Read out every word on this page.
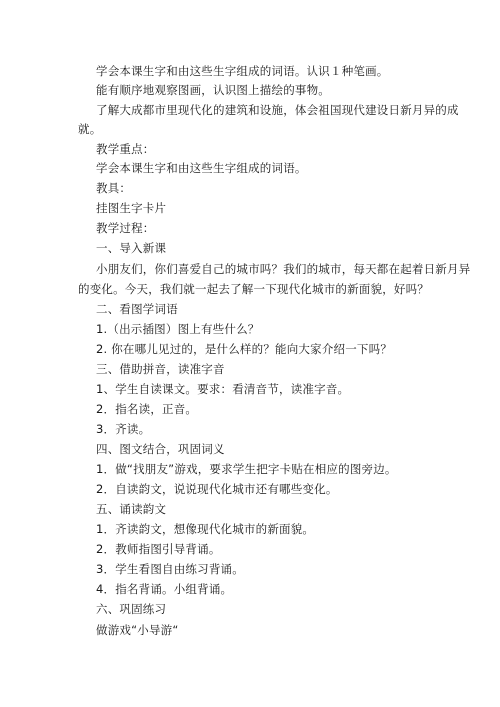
学会本课生字和由这些生字组成的词语。认识１种笔画。
能有顺序地观察图画，认识图上描绘的事物。
了解大成都市里现代化的建筑和设施，体会祖国现代建设日新月异的成
就。
教学重点：
学会本课生字和由这些生字组成的词语。
教具：
挂图生字卡片
教学过程：
一、导入新课
小朋友们，你们喜爱自己的城市吗？我们的城市，每天都在起着日新月异
的变化。今天，我们就一起去了解一下现代化城市的新面貌，好吗？
二、看图学词语
1.（出示插图）图上有些什么？
2. 你在哪儿见过的，是什么样的？能向大家介绍一下吗？
三、借助拼音，读准字音
1、学生自读课文。要求：看清音节，读准字音。
2．指名读，正音。
3．齐读。
四、图文结合，巩固词义
1．做“找朋友”游戏，要求学生把字卡贴在相应的图旁边。
2．自读韵文，说说现代化城市还有哪些变化。
五、诵读韵文
1．齐读韵文，想像现代化城市的新面貌。
2．教师指图引导背诵。
3．学生看图自由练习背诵。
4．指名背诵。小组背诵。
六、巩固练习
做游戏“小导游“
